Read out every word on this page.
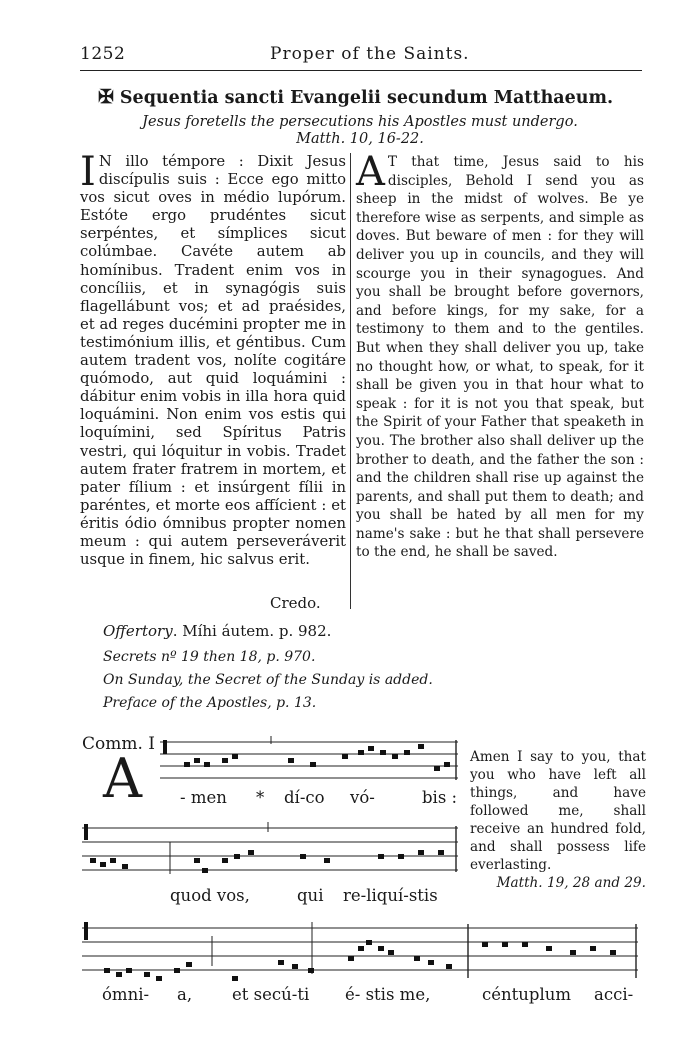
1252	Proper of the Saints.
✠ Sequentia sancti Evangelii secundum Matthaeum.
Jesus foretells the persecutions his Apostles must undergo.
Matth. 10, 16-22.
I N illo témpore : Dixit Jesus discípulis suis : Ecce ego mitto vos sicut oves in médio lupórum. Estóte ergo prudéntes sicut serpéntes, et símplices sicut colúmbae. Cavéte autem ab homínibus. Tradent enim vos in concíliis, et in synagógis suis flagellábunt vos; et ad praésides, et ad reges ducémini propter me in testimónium illis, et géntibus. Cum autem tradent vos, nolíte cogitáre quómodo, aut quid loquámini : dábitur enim vobis in illa hora quid loquámini. Non enim vos estis qui loquímini, sed Spíritus Patris vestri, qui lóquitur in vobis. Tradet autem frater fratrem in mortem, et pater fílium : et insúrgent fílii in paréntes, et morte eos affícient : et éritis ódio ómnibus propter nomen meum : qui autem perseveráverit usque in finem, hic salvus erit.
A T that time, Jesus said to his disciples, Behold I send you as sheep in the midst of wolves. Be ye therefore wise as serpents, and simple as doves. But beware of men : for they will deliver you up in councils, and they will scourge you in their synagogues. And you shall be brought before governors, and before kings, for my sake, for a testimony to them and to the gentiles. But when they shall deliver you up, take no thought how, or what, to speak, for it shall be given you in that hour what to speak : for it is not you that speak, but the Spirit of your Father that speaketh in you. The brother also shall deliver up the brother to death, and the father the son : and the children shall rise up against the parents, and shall put them to death; and you shall be hated by all men for my name's sake : but he that shall persevere to the end, he shall be saved.
Credo.
Offertory. Míhi áutem. p. 982.
Secrets nº 19 then 18, p. 970.
On Sunday, the Secret of the Sunday is added.
Preface of the Apostles, p. 13.
Comm. I
A - men * dí-co vó-	bis :
quod vos,	qui re-liquí-stis
Amen I say to you, that you who have left all things, and have followed me, shall receive an hundred fold, and shall possess life everlasting.

Matth. 19, 28 and 29.
ómni- a, et secú-ti é- stis me,	céntuplum acci-
